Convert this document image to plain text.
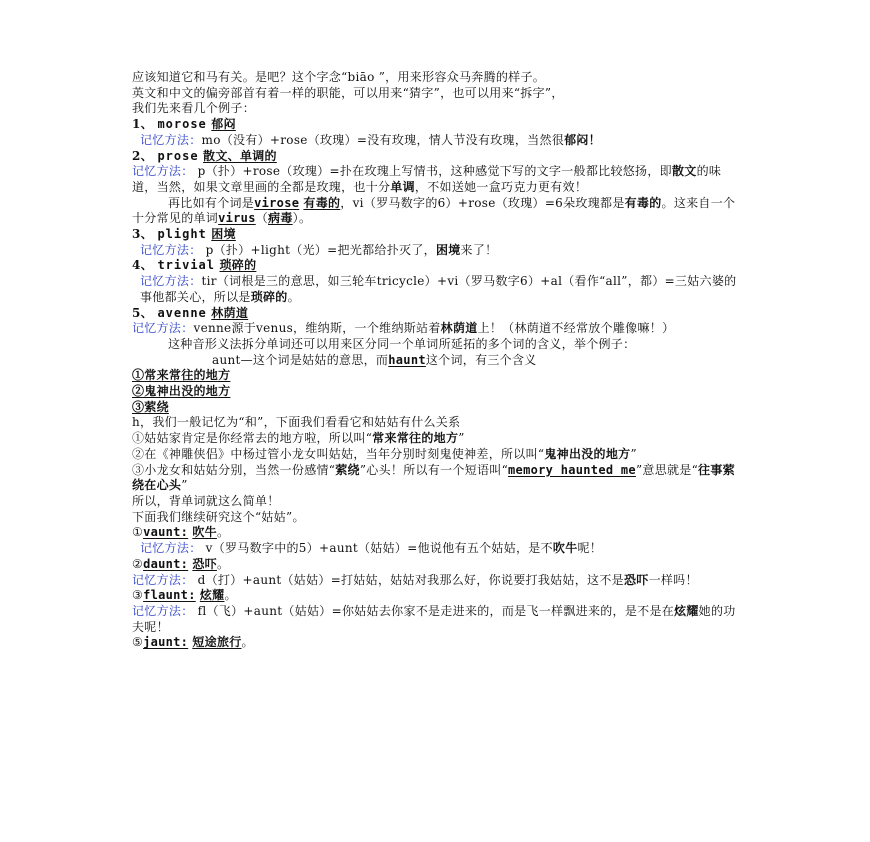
应该知道它和马有关。是吧？这个字念“biāo ”，用来形容众马奔腾的样子。

英文和中文的偏旁部首有着一样的职能，可以用来“猜字”，也可以用来“拆字”，

我们先来看几个例子：

1、 morose 郁闷

记忆方法：mo（没有）+rose（玫瑰）=没有玫瑰，情人节没有玫瑰，当然很郁闷！

2、 prose 散文、单调的

记忆方法： p（扑）+rose（玫瑰）=扑在玫瑰上写情书，这种感觉下写的文字一般都比较悠扬，即散文的味道，当然，如果文章里画的全都是玫瑰，也十分单调，不如送她一盒巧克力更有效！

再比如有个词是virose 有毒的，vi（罗马数字的6）+rose（玫瑰）=6朵玫瑰都是有毒的。这来自一个十分常见的单词virus（病毒）。

3、 plight 困境

记忆方法： p（扑）+light（光）=把光都给扑灭了，困境来了！

4、 trivial 琐碎的

记忆方法：tir（词根是三的意思，如三轮车tricycle）+vi（罗马数字6）+al（看作“all”，都）=三姑六婆的事他都关心，所以是琐碎的。

5、 avenne 林荫道

记忆方法：venne源于venus，维纳斯，一个维纳斯站着林荫道上！（林荫道不经常放个雕像嘛！）

这种音形义法拆分单词还可以用来区分同一个单词所延拓的多个词的含义，举个例子：

aunt—这个词是姑姑的意思，而haunt这个词，有三个含义

①常来常往的地方

②鬼神出没的地方

③萦绕

h，我们一般记忆为“和”，下面我们看看它和姑姑有什么关系

①姑姑家肯定是你经常去的地方啦，所以叫“常来常往的地方”

②在《神雕侠侣》中杨过管小龙女叫姑姑，当年分别时刻鬼使神差，所以叫“鬼神出没的地方”

③小龙女和姑姑分别，当然一份感情“萦绕”心头！所以有一个短语叫“memory haunted me”意思就是“往事萦绕在心头”

所以，背单词就这么简单！

下面我们继续研究这个“姑姑”。

①vaunt: 吹牛。

记忆方法： v（罗马数字中的5）+aunt（姑姑）=他说他有五个姑姑，是不吹牛呢！

②daunt: 恐吓。

记忆方法： d（打）+aunt（姑姑）=打姑姑，姑姑对我那么好，你说要打我姑姑，这不是恐吓一样吗！

③flaunt: 炫耀。

记忆方法： fl（飞）+aunt（姑姑）=你姑姑去你家不是走进来的，而是飞一样飘进来的，是不是在炫耀她的功夫呢！

⑤jaunt: 短途旅行。
